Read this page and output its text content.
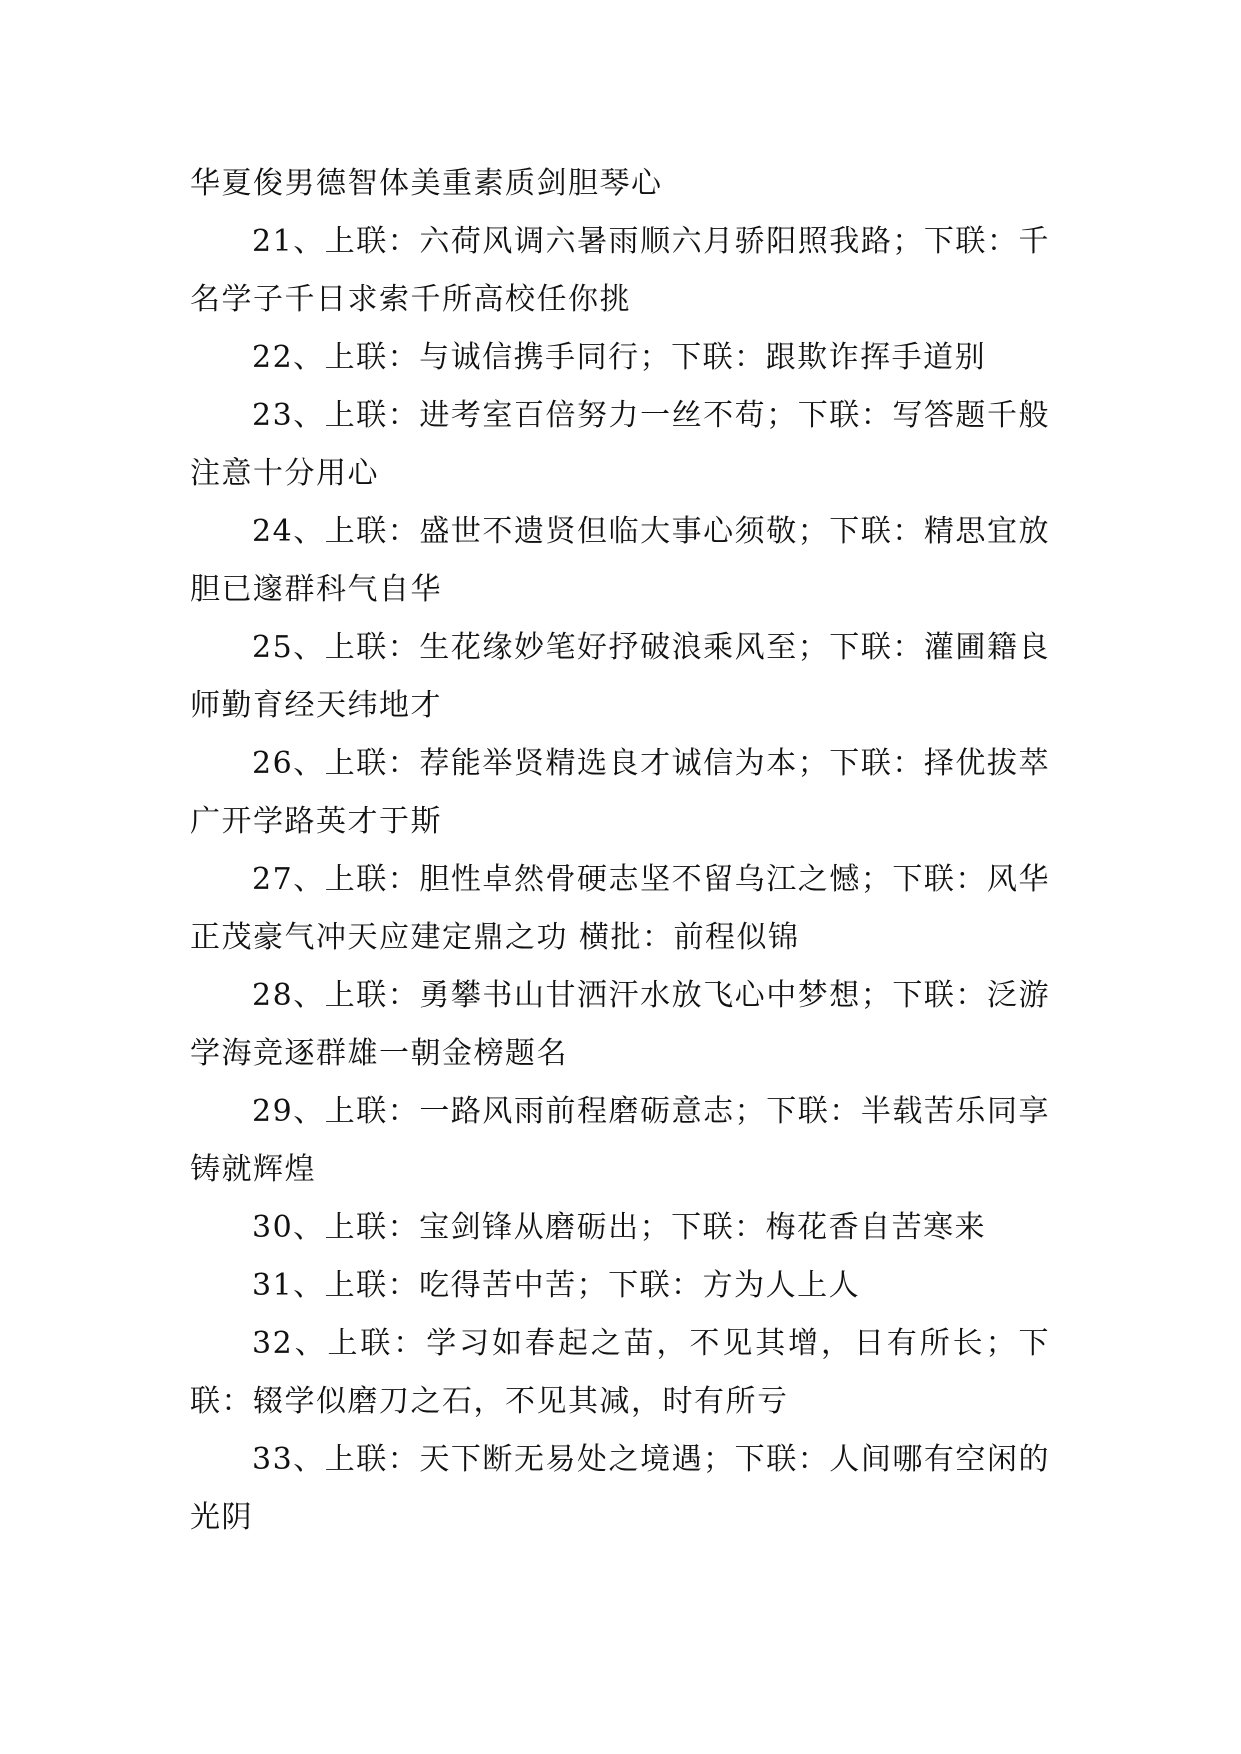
华夏俊男德智体美重素质剑胆琴心

21、上联：六荷风调六暑雨顺六月骄阳照我路；下联：千名学子千日求索千所高校任你挑

22、上联：与诚信携手同行；下联：跟欺诈挥手道别

23、上联：进考室百倍努力一丝不苟；下联：写答题千般注意十分用心

24、上联：盛世不遗贤但临大事心须敬；下联：精思宜放胆已邃群科气自华

25、上联：生花缘妙笔好抒破浪乘风至；下联：灌圃籍良师勤育经天纬地才

26、上联：荐能举贤精选良才诚信为本；下联：择优拔萃广开学路英才于斯

27、上联：胆性卓然骨硬志坚不留乌江之憾；下联：风华正茂豪气冲天应建定鼎之功 横批：前程似锦

28、上联：勇攀书山甘洒汗水放飞心中梦想；下联：泛游学海竞逐群雄一朝金榜题名

29、上联：一路风雨前程磨砺意志；下联：半载苦乐同享铸就辉煌

30、上联：宝剑锋从磨砺出；下联：梅花香自苦寒来

31、上联：吃得苦中苦；下联：方为人上人

32、上联：学习如春起之苗，不见其增，日有所长；下联：辍学似磨刀之石，不见其减，时有所亏

33、上联：天下断无易处之境遇；下联：人间哪有空闲的光阴
